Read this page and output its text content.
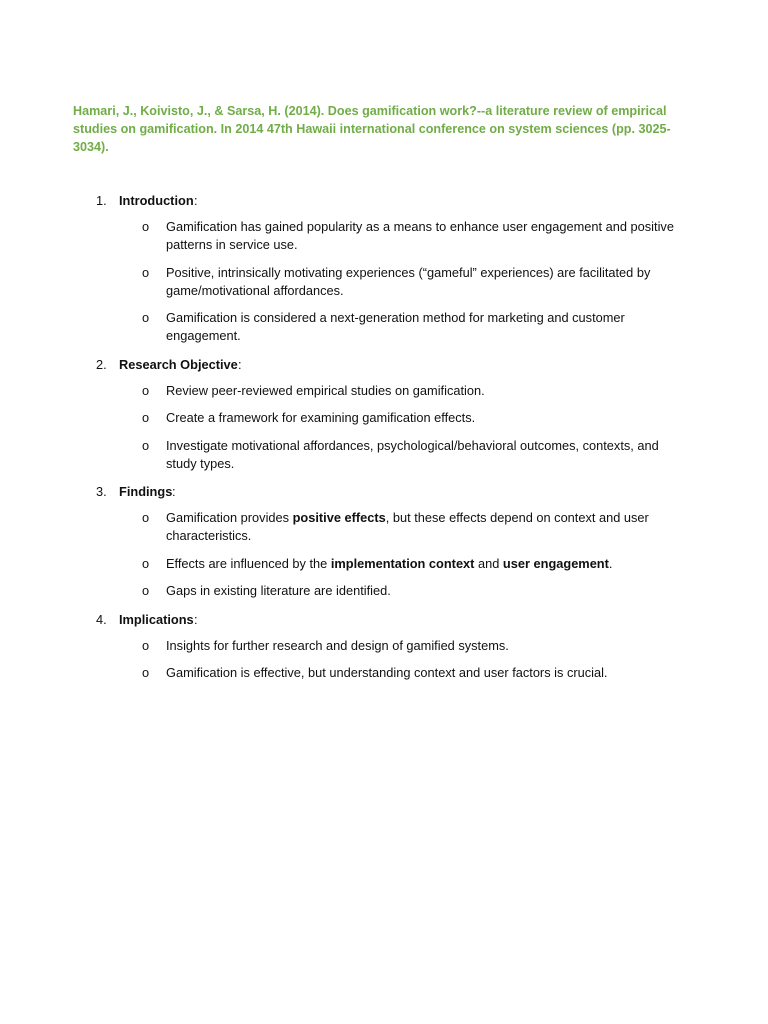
Hamari, J., Koivisto, J., & Sarsa, H. (2014). Does gamification work?--a literature review of empirical studies on gamification. In 2014 47th Hawaii international conference on system sciences (pp. 3025-3034).
1. Introduction :
o Gamification has gained popularity as a means to enhance user engagement and positive patterns in service use.
o Positive, intrinsically motivating experiences (“gameful” experiences) are facilitated by game/motivational affordances.
o Gamification is considered a next-generation method for marketing and customer engagement.
2. Research Objective :
o Review peer-reviewed empirical studies on gamification.
o Create a framework for examining gamification effects.
o Investigate motivational affordances, psychological/behavioral outcomes, contexts, and study types.
3. Findings :
o Gamification provides positive effects, but these effects depend on context and user characteristics.
o Effects are influenced by the implementation context and user engagement.
o Gaps in existing literature are identified.
4. Implications :
o Insights for further research and design of gamified systems.
o Gamification is effective, but understanding context and user factors is crucial.
